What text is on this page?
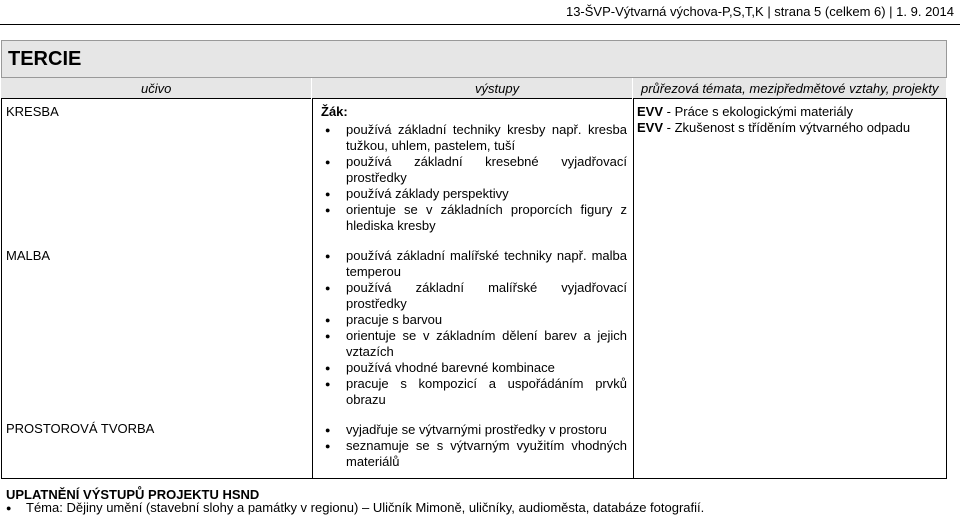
13-ŠVP-Výtvarná výchova-P,S,T,K | strana 5 (celkem 6) | 1. 9. 2014
TERCIE
učivo	výstupy	průřezová témata, mezipředmětové vztahy, projekty
KRESBA
MALBA
PROSTOROVÁ TVORBA
Žák:
● používá základní techniky kresby např. kresba tužkou, uhlem, pastelem, tuší
● používá základní kresebné vyjadřovací prostředky
● používá základy perspektivy
● orientuje se v základních proporcích figury z hlediska kresby
● používá základní malířské techniky např. malba temperou
● používá základní malířské vyjadřovací prostředky
● pracuje s barvou
● orientuje se v základním dělení barev a jejich vztazích
● používá vhodné barevné kombinace
● pracuje s kompozicí a uspořádáním prvků obrazu
● vyjadřuje se výtvarnými prostředky v prostoru
● seznamuje se s výtvarným využitím vhodných materiálů
EVV - Práce s ekologickými materiály
EVV - Zkušenost s tříděním výtvarného odpadu
UPLATNĚNÍ VÝSTUPŮ PROJEKTU HSND
● Téma: Dějiny umění (stavební slohy a památky v regionu) – Uličník Mimoně, uličníky, audioměsta, databáze fotografií.
